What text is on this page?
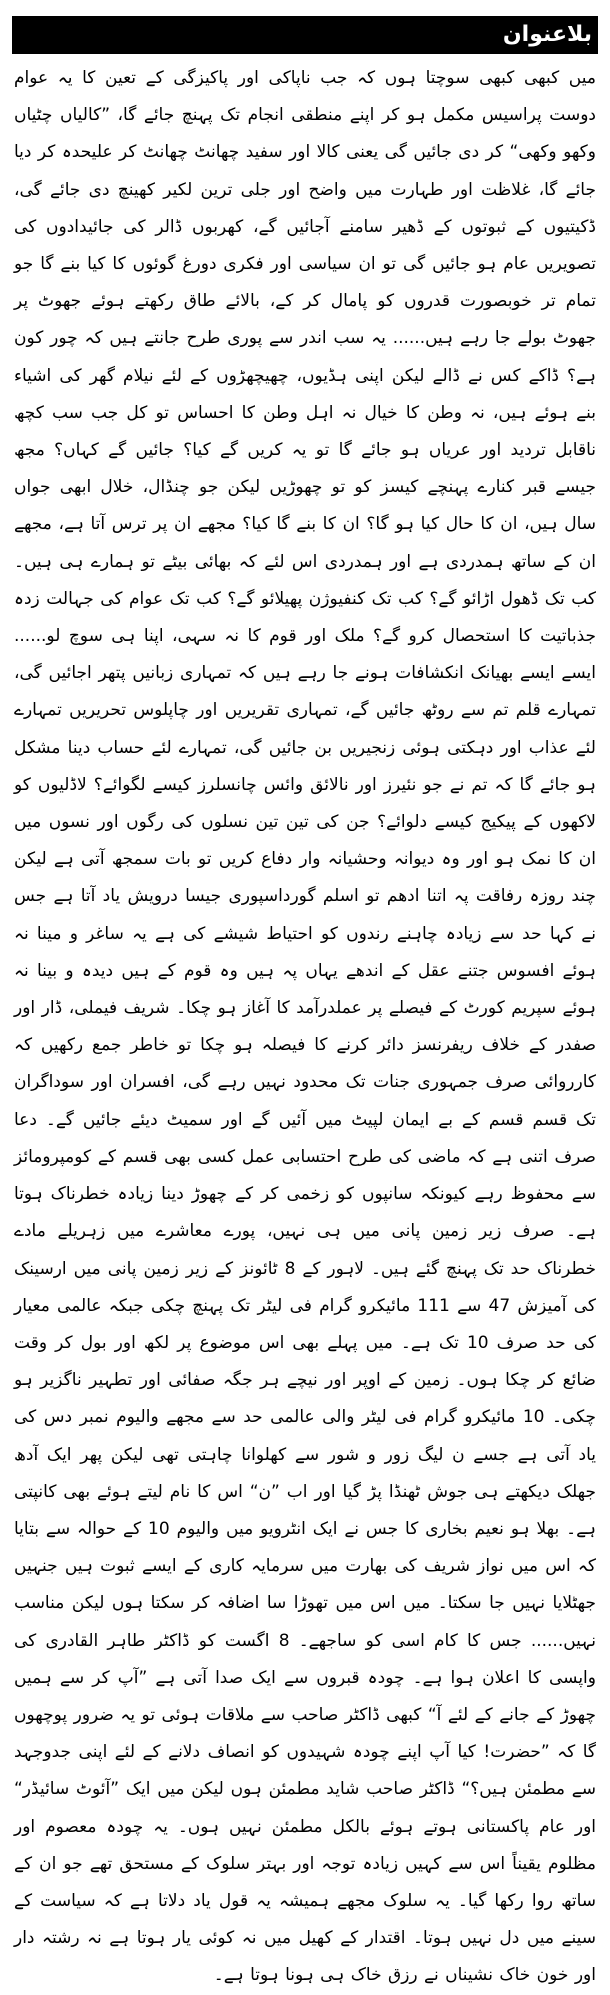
بلاعنوان
میں کبھی کبھی سوچتا ہوں کہ جب ناپاکی اور پاکیزگی کے تعین کا یہ عوام دوست پراسیس مکمل ہو کر اپنے منطقی انجام تک پہنچ جائے گا، ”کالیاں چٹیاں وکھو وکھی“ کر دی جائیں گی یعنی کالا اور سفید چھانٹ چھانٹ کر علیحدہ کر دیا جائے گا، غلاظت اور طہارت میں واضح اور جلی ترین لکیر کھینچ دی جائے گی، ڈکیتیوں کے ثبوتوں کے ڈھیر سامنے آجائیں گے، کھربوں ڈالر کی جائیدادوں کی تصویریں عام ہو جائیں گی تو ان سیاسی اور فکری دورغ گوئوں کا کیا بنے گا جو تمام تر خوبصورت قدروں کو پامال کر کے، بالائے طاق رکھتے ہوئے جھوٹ پر جھوٹ بولے جا رہے ہیں...... یہ سب اندر سے پوری طرح جانتے ہیں کہ چور کون ہے؟ ڈاکے کس نے ڈالے لیکن اپنی ہڈیوں، چھیچھڑوں کے لئے نیلام گھر کی اشیاء بنے ہوئے ہیں، نہ وطن کا خیال نہ اہل وطن کا احساس تو کل جب سب کچھ ناقابل تردید اور عریاں ہو جائے گا تو یہ کریں گے کیا؟ جائیں گے کہاں؟ مجھ جیسے قبر کنارے پہنچے کیسز کو تو چھوڑیں لیکن جو چنڈال، خلال ابھی جواں سال ہیں، ان کا حال کیا ہو گا؟ ان کا بنے گا کیا؟ مجھے ان پر ترس آتا ہے، مجھے ان کے ساتھ ہمدردی ہے اور ہمدردی اس لئے کہ بھائی بیٹے تو ہمارے ہی ہیں۔ کب تک ڈھول اڑائو گے؟ کب تک کنفیوژن پھیلائو گے؟ کب تک عوام کی جہالت زدہ جذباتیت کا استحصال کرو گے؟ ملک اور قوم کا نہ سہی، اپنا ہی سوچ لو...... ایسے ایسے بھیانک انکشافات ہونے جا رہے ہیں کہ تمہاری زبانیں پتھر اجائیں گی، تمہارے قلم تم سے روٹھ جائیں گے، تمہاری تقریریں اور چاپلوس تحریریں تمہارے لئے عذاب اور دہکتی ہوئی زنجیریں بن جائیں گی، تمہارے لئے حساب دینا مشکل ہو جائے گا کہ تم نے جو نئیرز اور نالائق وائس چانسلرز کیسے لگوائے؟ لاڈلیوں کو لاکھوں کے پیکیج کیسے دلوائے؟ جن کی تین تین نسلوں کی رگوں اور نسوں میں ان کا نمک ہو اور وہ دیوانہ وحشیانہ وار دفاع کریں تو بات سمجھ آتی ہے لیکن چند روزہ رفاقت پہ اتنا ادھم تو اسلم گورداسپوری جیسا درویش یاد آتا ہے جس نے کہا حد سے زیادہ چاہنے رندوں کو احتیاط شیشے کی ہے یہ ساغر و مینا نہ ہوئے افسوس جتنے عقل کے اندھے یہاں پہ ہیں وہ قوم کے ہیں دیدہ و بینا نہ ہوئے سپریم کورٹ کے فیصلے پر عملدرآمد کا آغاز ہو چکا۔ شریف فیملی، ڈار اور صفدر کے خلاف ریفرنسز دائر کرنے کا فیصلہ ہو چکا تو خاطر جمع رکھیں کہ کارروائی صرف جمہوری جنات تک محدود نہیں رہے گی، افسران اور سوداگران تک قسم قسم کے بے ایمان لپیٹ میں آئیں گے اور سمیٹ دیئے جائیں گے۔ دعا صرف اتنی ہے کہ ماضی کی طرح احتسابی عمل کسی بھی قسم کے کومپرومائز سے محفوظ رہے کیونکہ سانپوں کو زخمی کر کے چھوڑ دینا زیادہ خطرناک ہوتا ہے۔ صرف زیر زمین پانی میں ہی نہیں، پورے معاشرے میں زہریلے مادے خطرناک حد تک پہنچ گئے ہیں۔ لاہور کے 8 ٹائونز کے زیر زمین پانی میں ارسینک کی آمیزش 47 سے 111 مائیکرو گرام فی لیٹر تک پہنچ چکی جبکہ عالمی معیار کی حد صرف 10 تک ہے۔ میں پہلے بھی اس موضوع پر لکھ اور بول کر وقت ضائع کر چکا ہوں۔ زمین کے اوپر اور نیچے ہر جگہ صفائی اور تطہیر ناگزیر ہو چکی۔ 10 مائیکرو گرام فی لیٹر والی عالمی حد سے مجھے والیوم نمبر دس کی یاد آتی ہے جسے ن لیگ زور و شور سے کھلوانا چاہتی تھی لیکن پھر ایک آدھ جھلک دیکھتے ہی جوش ٹھنڈا پڑ گیا اور اب ”ن“ اس کا نام لیتے ہوئے بھی کانپتی ہے۔ بھلا ہو نعیم بخاری کا جس نے ایک انٹرویو میں والیوم 10 کے حوالہ سے بتایا کہ اس میں نواز شریف کی بھارت میں سرمایہ کاری کے ایسے ثبوت ہیں جنہیں جھٹلایا نہیں جا سکتا۔ میں اس میں تھوڑا سا اضافہ کر سکتا ہوں لیکن مناسب نہیں...... جس کا کام اسی کو ساجھے۔ 8 اگست کو ڈاکٹر طاہر القادری کی واپسی کا اعلان ہوا ہے۔ چودہ قبروں سے ایک صدا آتی ہے ”آپ کر سے ہمیں چھوڑ کے جانے کے لئے آ“ کبھی ڈاکٹر صاحب سے ملاقات ہوئی تو یہ ضرور پوچھوں گا کہ ”حضرت! کیا آپ اپنے چودہ شہیدوں کو انصاف دلانے کے لئے اپنی جدوجہد سے مطمئن ہیں؟“ ڈاکٹر صاحب شاید مطمئن ہوں لیکن میں ایک ”آئوٹ سائیڈر“ اور عام پاکستانی ہوتے ہوئے بالکل مطمئن نہیں ہوں۔ یہ چودہ معصوم اور مظلوم یقیناً اس سے کہیں زیادہ توجہ اور بہتر سلوک کے مستحق تھے جو ان کے ساتھ روا رکھا گیا۔ یہ سلوک مجھے ہمیشہ یہ قول یاد دلاتا ہے کہ سیاست کے سینے میں دل نہیں ہوتا۔ اقتدار کے کھیل میں نہ کوئی یار ہوتا ہے نہ رشتہ دار اور خون خاک نشیناں نے رزق خاک ہی ہونا ہوتا ہے۔
